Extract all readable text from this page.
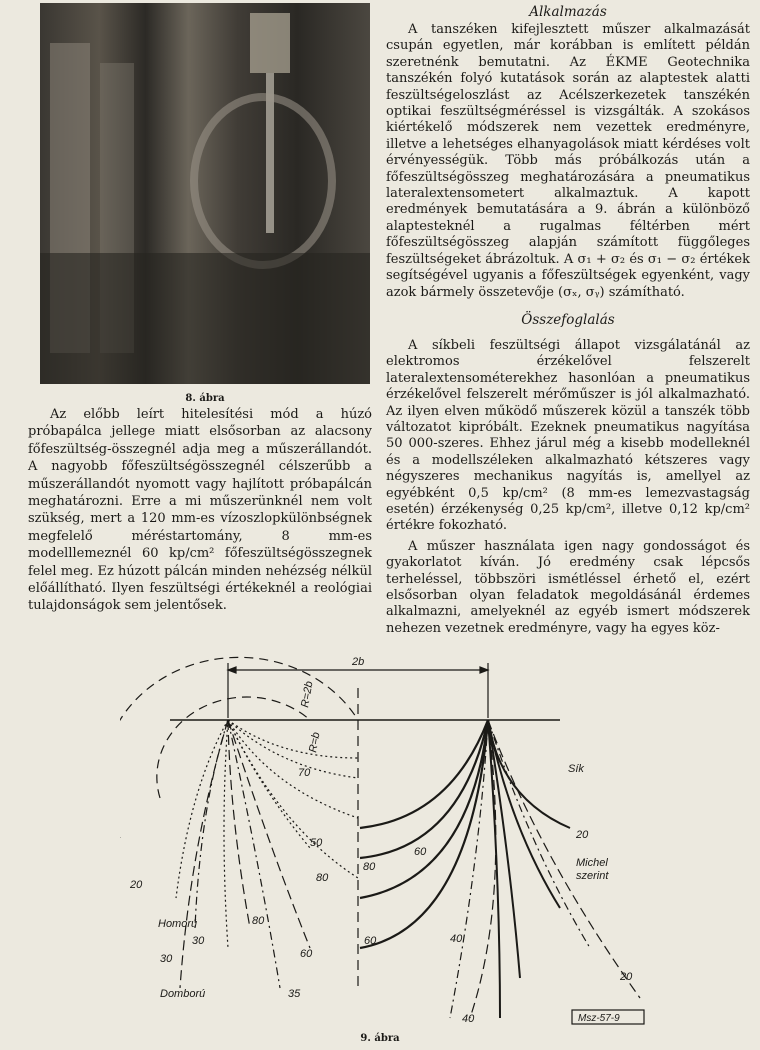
8. ábra

Az előbb leírt hitelesítési mód a húzó próbapálca jellege miatt elsősorban az alacsony főfeszültség-összegnél adja meg a műszerállandót. A nagyobb főfeszültségösszegnél célszerűbb a műszerállandót nyomott vagy hajlított próbapálcán meghatározni. Erre a mi műszerünknél nem volt szükség, mert a 120 mm-es vízoszlopkülönbségnek megfelelő méréstartomány, 8 mm-es modelllemeznél 60 kp/cm² főfeszültségösszegnek felel meg. Ez húzott pálcán minden nehézség nélkül előállítható. Ilyen feszültségi értékeknél a reológiai tulajdonságok sem jelentősek.

Alkalmazás

A tanszéken kifejlesztett műszer alkalmazását csupán egyetlen, már korábban is említett példán szeretnénk bemutatni. Az ÉKME Geotechnika tanszékén folyó kutatások során az alaptestek alatti feszültségeloszlást az Acélszerkezetek tanszékén optikai feszültségméréssel is vizsgálták. A szokásos kiértékelő módszerek nem vezettek eredményre, illetve a lehetséges elhanyagolások miatt kérdéses volt érvényességük. Több más próbálkozás után a főfeszültségösszeg meghatározására a pneumatikus lateralextensometert alkalmaztuk. A kapott eredmények bemutatására a 9. ábrán a különböző alaptesteknél a rugalmas féltérben mért főfeszültségösszeg alapján számított függőleges feszültségeket ábrázoltuk. A σ₁ + σ₂ és σ₁ − σ₂ értékek segítségével ugyanis a főfeszültségek egyenként, vagy azok bármely összetevője (σₓ, σᵧ) számítható.

Összefoglalás

A síkbeli feszültségi állapot vizsgálatánál az elektromos érzékelővel felszerelt lateralextensométerekhez hasonlóan a pneumatikus érzékelővel felszerelt mérőműszer is jól alkalmazható. Az ilyen elven működő műszerek közül a tanszék több változatot kipróbált. Ezeknek pneumatikus nagyítása 50 000-szeres. Ehhez járul még a kisebb modelleknél és a modellszéleken alkalmazható kétszeres vagy négyszeres mechanikus nagyítás is, amellyel az egyébként 0,5 kp/cm² (8 mm-es lemezvastagság esetén) érzékenység 0,25 kp/cm², illetve 0,12 kp/cm² értékre fokozható.

A műszer használata igen nagy gondosságot és gyakorlatot kíván. Jó eredmény csak lépcsős terheléssel, többszöri ismétléssel érhető el, ezért elsősorban olyan feladatok megoldásánál érdemes alkalmazni, amelyeknél az egyéb ismert módszerek nehezen vezetnek eredményre, vagy ha egyes köz-

2b
R=2b
R=b
Sík
Michel
szerint
Homorú
Domború
Msz-57-9
70
50
80
60
80
20
30
30	60
80
60
35
20
40
40
20
9. ábra
